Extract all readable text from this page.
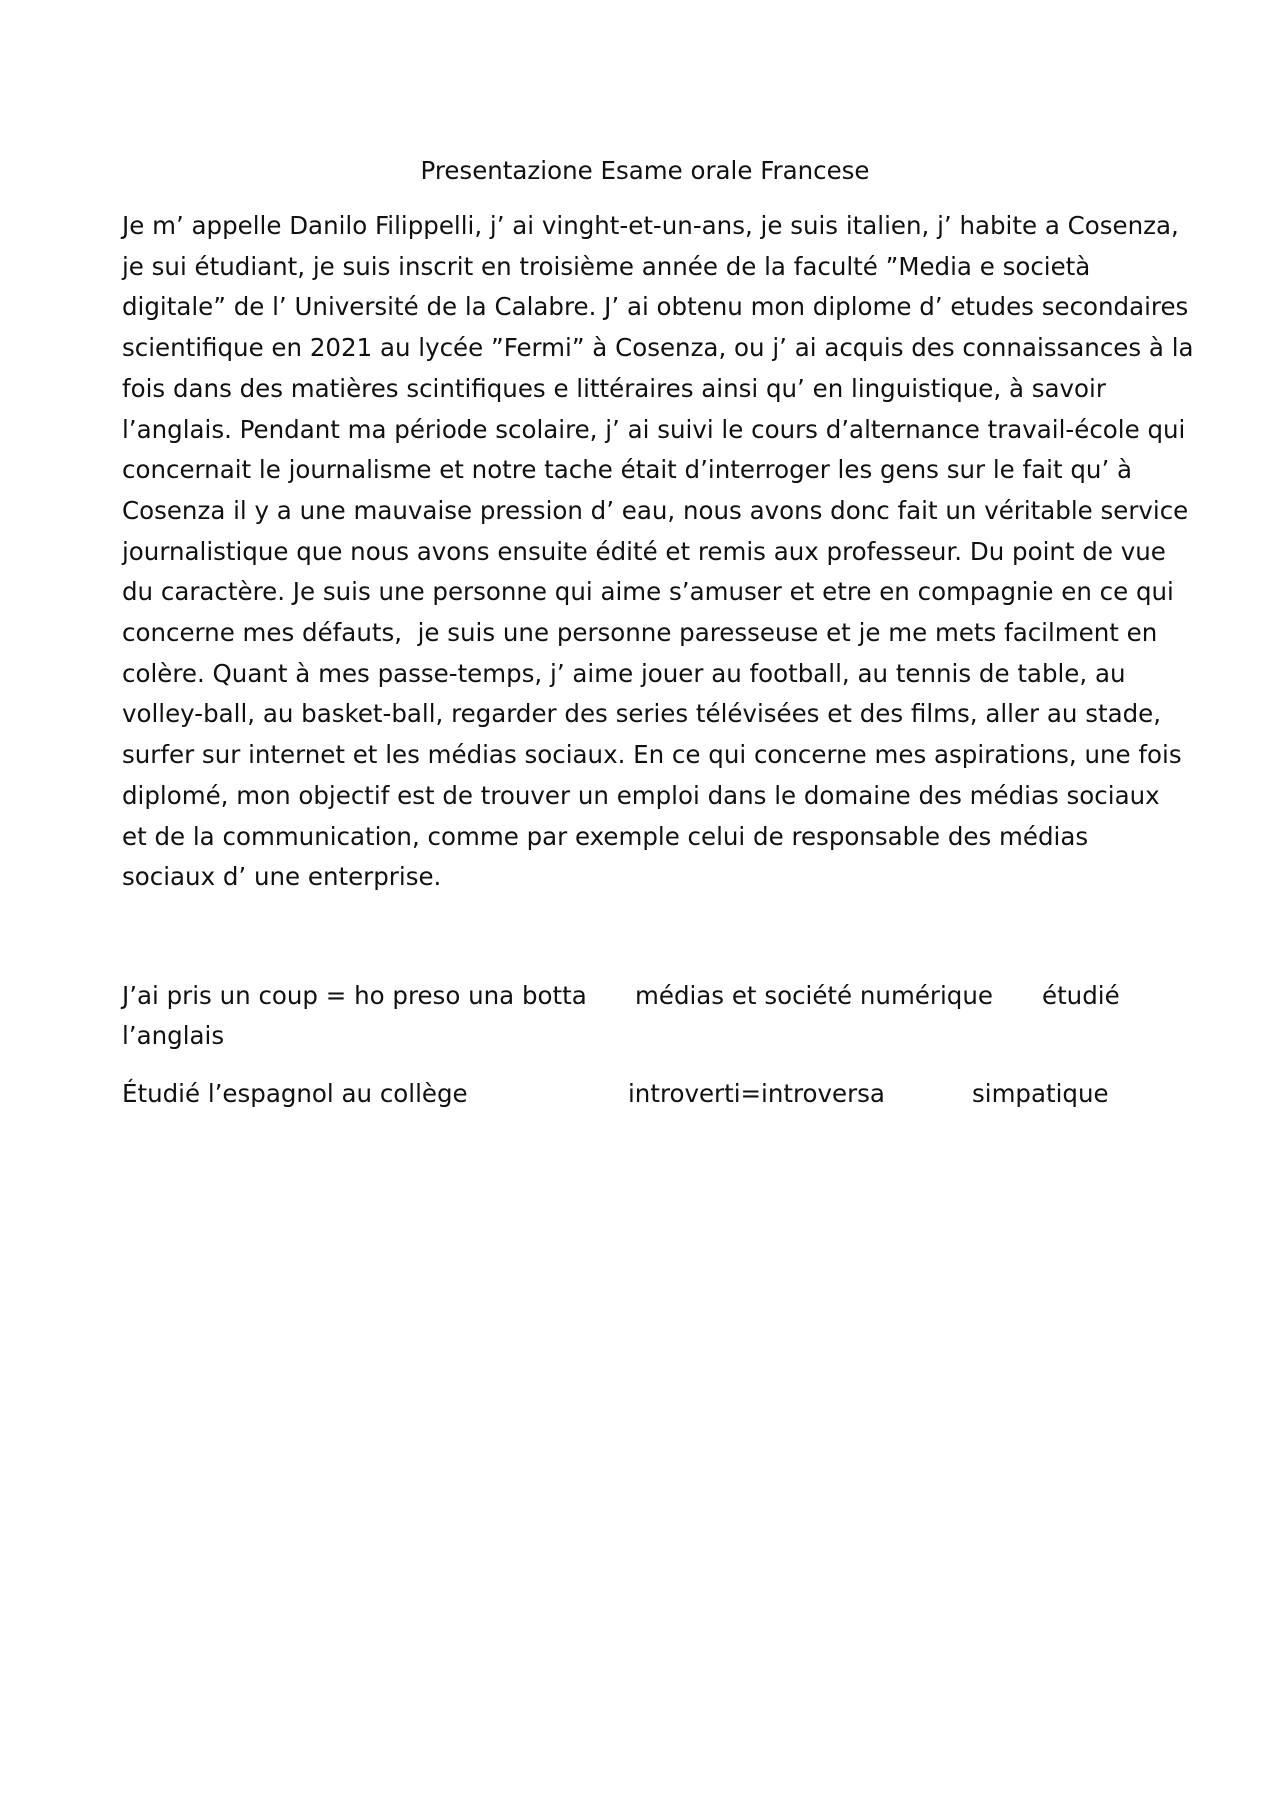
Presentazione Esame orale Francese
Je m’ appelle Danilo Filippelli, j’ ai vinght-et-un-ans, je suis italien, j’ habite a Cosenza,
je sui étudiant, je suis inscrit en troisième année de la faculté ”Media e società
digitale” de l’ Université de la Calabre. J’ ai obtenu mon diplome d’ etudes secondaires
scientifique en 2021 au lycée ”Fermi” à Cosenza, ou j’ ai acquis des connaissances à la
fois dans des matières scintifiques e littéraires ainsi qu’ en linguistique, à savoir
l’anglais. Pendant ma période scolaire, j’ ai suivi le cours d’alternance travail-école qui
concernait le journalisme et notre tache était d’interroger les gens sur le fait qu’ à
Cosenza il y a une mauvaise pression d’ eau, nous avons donc fait un véritable service
journalistique que nous avons ensuite édité et remis aux professeur. Du point de vue
du caractère. Je suis une personne qui aime s’amuser et etre en compagnie en ce qui
concerne mes défauts,  je suis une personne paresseuse et je me mets facilment en
colère. Quant à mes passe-temps, j’ aime jouer au football, au tennis de table, au
volley-ball, au basket-ball, regarder des series télévisées et des films, aller au stade,
surfer sur internet et les médias sociaux. En ce qui concerne mes aspirations, une fois
diplomé, mon objectif est de trouver un emploi dans le domaine des médias sociaux
et de la communication, comme par exemple celui de responsable des médias
sociaux d’ une enterprise.
J’ai pris un coup = ho preso una botta médias et société numérique étudié
l’anglais
Étudié l’espagnol au collège	introverti=introversa	simpatique
